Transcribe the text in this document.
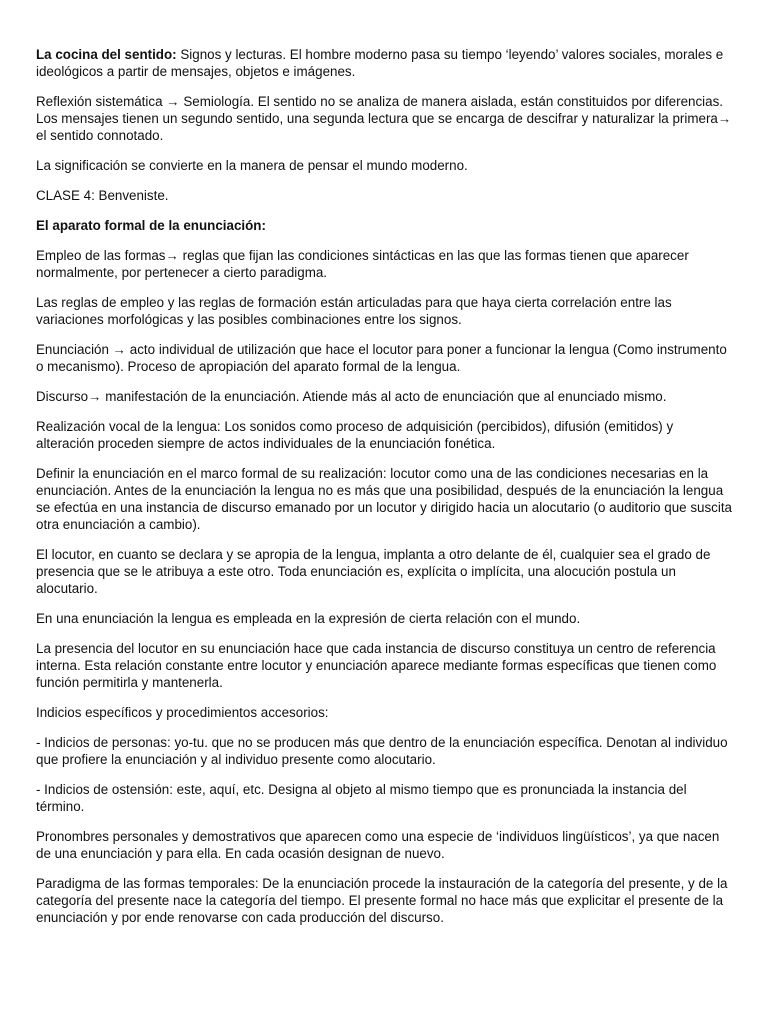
La cocina del sentido: Signos y lecturas. El hombre moderno pasa su tiempo ‘leyendo’ valores sociales, morales e ideológicos a partir de mensajes, objetos e imágenes.

Reflexión sistemática → Semiología. El sentido no se analiza de manera aislada, están constituidos por diferencias. Los mensajes tienen un segundo sentido, una segunda lectura que se encarga de descifrar y naturalizar la primera→ el sentido connotado.

La significación se convierte en la manera de pensar el mundo moderno.

CLASE 4: Benveniste.

El aparato formal de la enunciación:

Empleo de las formas→ reglas que fijan las condiciones sintácticas en las que las formas tienen que aparecer normalmente, por pertenecer a cierto paradigma.

Las reglas de empleo y las reglas de formación están articuladas para que haya cierta correlación entre las variaciones morfológicas y las posibles combinaciones entre los signos.

Enunciación → acto individual de utilización que hace el locutor para poner a funcionar la lengua (Como instrumento o mecanismo). Proceso de apropiación del aparato formal de la lengua.

Discurso→ manifestación de la enunciación. Atiende más al acto de enunciación que al enunciado mismo.

Realización vocal de la lengua: Los sonidos como proceso de adquisición (percibidos), difusión (emitidos) y alteración proceden siempre de actos individuales de la enunciación fonética.

Definir la enunciación en el marco formal de su realización: locutor como una de las condiciones necesarias en la enunciación. Antes de la enunciación la lengua no es más que una posibilidad, después de la enunciación la lengua se efectúa en una instancia de discurso emanado por un locutor y dirigido hacia un alocutario (o auditorio que suscita otra enunciación a cambio).

El locutor, en cuanto se declara y se apropia de la lengua, implanta a otro delante de él, cualquier sea el grado de presencia que se le atribuya a este otro. Toda enunciación es, explícita o implícita, una alocución postula un alocutario.

En una enunciación la lengua es empleada en la expresión de cierta relación con el mundo.

La presencia del locutor en su enunciación hace que cada instancia de discurso constituya un centro de referencia interna. Esta relación constante entre locutor y enunciación aparece mediante formas específicas que tienen como función permitirla y mantenerla.

Indicios específicos y procedimientos accesorios:

- Indicios de personas: yo-tu. que no se producen más que dentro de la enunciación específica. Denotan al individuo que profiere la enunciación y al individuo presente como alocutario.

- Indicios de ostensión: este, aquí, etc. Designa al objeto al mismo tiempo que es pronunciada la instancia del término.

Pronombres personales y demostrativos que aparecen como una especie de ‘individuos lingüísticos’, ya que nacen de una enunciación y para ella. En cada ocasión designan de nuevo.

Paradigma de las formas temporales: De la enunciación procede la instauración de la categoría del presente, y de la categoría del presente nace la categoría del tiempo. El presente formal no hace más que explicitar el presente de la enunciación y por ende renovarse con cada producción del discurso.
